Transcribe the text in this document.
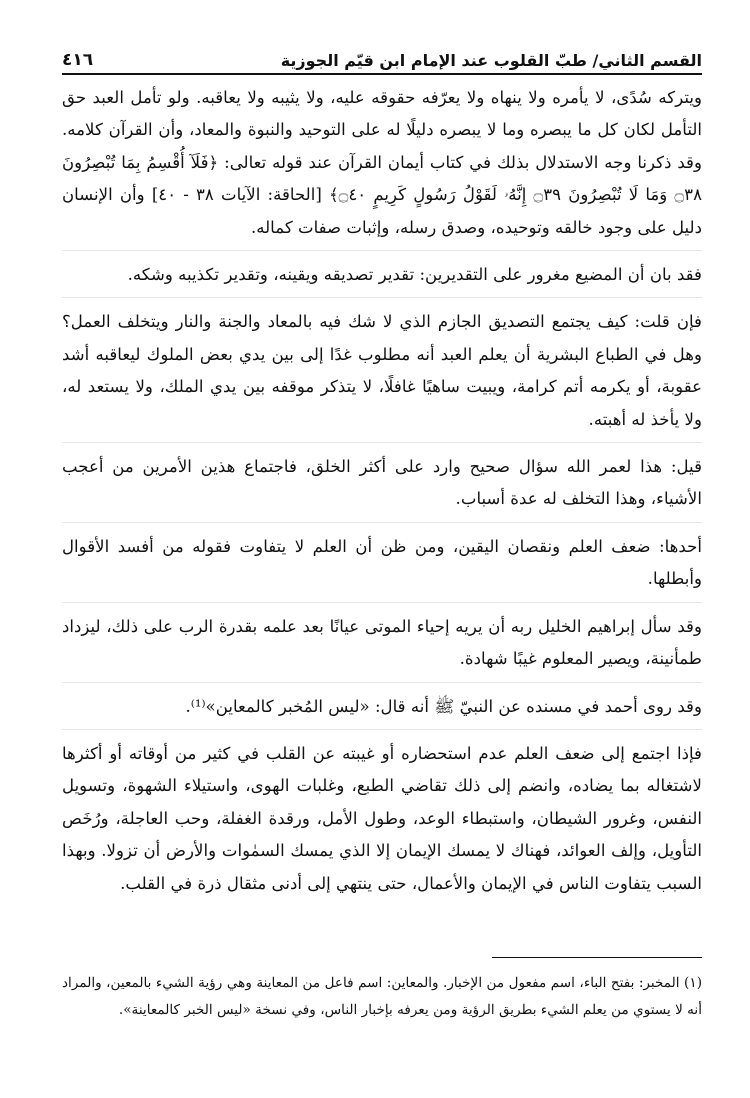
القسم الثاني/ طبّ القلوب عند الإمام ابن قيّم الجوزية
٤١٦

ويتركه سُدًى، لا يأمره ولا ينهاه ولا يعرّفه حقوقه عليه، ولا يثيبه ولا يعاقبه. ولو تأمل العبد حق التأمل لكان كل ما يبصره وما لا يبصره دليلًا له على التوحيد والنبوة والمعاد، وأن القرآن كلامه. وقد ذكرنا وجه الاستدلال بذلك في كتاب أيمان القرآن عند قوله تعالى: ﴿فَلَآ أُقْسِمُ بِمَا تُبْصِرُونَ ۝٣٨ وَمَا لَا تُبْصِرُونَ ۝٣٩ إِنَّهُۥ لَقَوْلُ رَسُولٍ كَرِيمٍ ۝٤٠﴾ [الحاقة: الآيات ٣٨ - ٤٠] وأن الإنسان دليل على وجود خالقه وتوحيده، وصدق رسله، وإثبات صفات كماله.

فقد بان أن المضيع مغرور على التقديرين: تقدير تصديقه ويقينه، وتقدير تكذيبه وشكه.

فإن قلت: كيف يجتمع التصديق الجازم الذي لا شك فيه بالمعاد والجنة والنار ويتخلف العمل؟ وهل في الطباع البشرية أن يعلم العبد أنه مطلوب غدًا إلى بين يدي بعض الملوك ليعاقبه أشد عقوبة، أو يكرمه أتم كرامة، ويبيت ساهيًا غافلًا، لا يتذكر موقفه بين يدي الملك، ولا يستعد له، ولا يأخذ له أهبته.

قيل: هذا لعمر الله سؤال صحيح وارد على أكثر الخلق، فاجتماع هذين الأمرين من أعجب الأشياء، وهذا التخلف له عدة أسباب.

أحدها: ضعف العلم ونقصان اليقين، ومن ظن أن العلم لا يتفاوت فقوله من أفسد الأقوال وأبطلها.

وقد سأل إبراهيم الخليل ربه أن يريه إحياء الموتى عيانًا بعد علمه بقدرة الرب على ذلك، ليزداد طمأنينة، ويصير المعلوم غيبًا شهادة.

وقد روى أحمد في مسنده عن النبيّ ﷺ أنه قال: «ليس المُخبر كالمعاين»⁽¹⁾.

فإذا اجتمع إلى ضعف العلم عدم استحضاره أو غيبته عن القلب في كثير من أوقاته أو أكثرها لاشتغاله بما يضاده، وانضم إلى ذلك تقاضي الطبع، وغلبات الهوى، واستيلاء الشهوة، وتسويل النفس، وغرور الشيطان، واستبطاء الوعد، وطول الأمل، ورقدة الغفلة، وحب العاجلة، ورُخَص التأويل، وإلف العوائد، فهناك لا يمسك الإيمان إلا الذي يمسك السمٰوات والأرض أن تزولا. وبهذا السبب يتفاوت الناس في الإيمان والأعمال، حتى ينتهي إلى أدنى مثقال ذرة في القلب.

(١) المخبر: بفتح الباء، اسم مفعول من الإخبار. والمعاين: اسم فاعل من المعاينة وهي رؤية الشيء بالمعين، والمراد أنه لا يستوي من يعلم الشيء بطريق الرؤية ومن يعرفه بإخبار الناس، وفي نسخة «ليس الخبر كالمعاينة».
